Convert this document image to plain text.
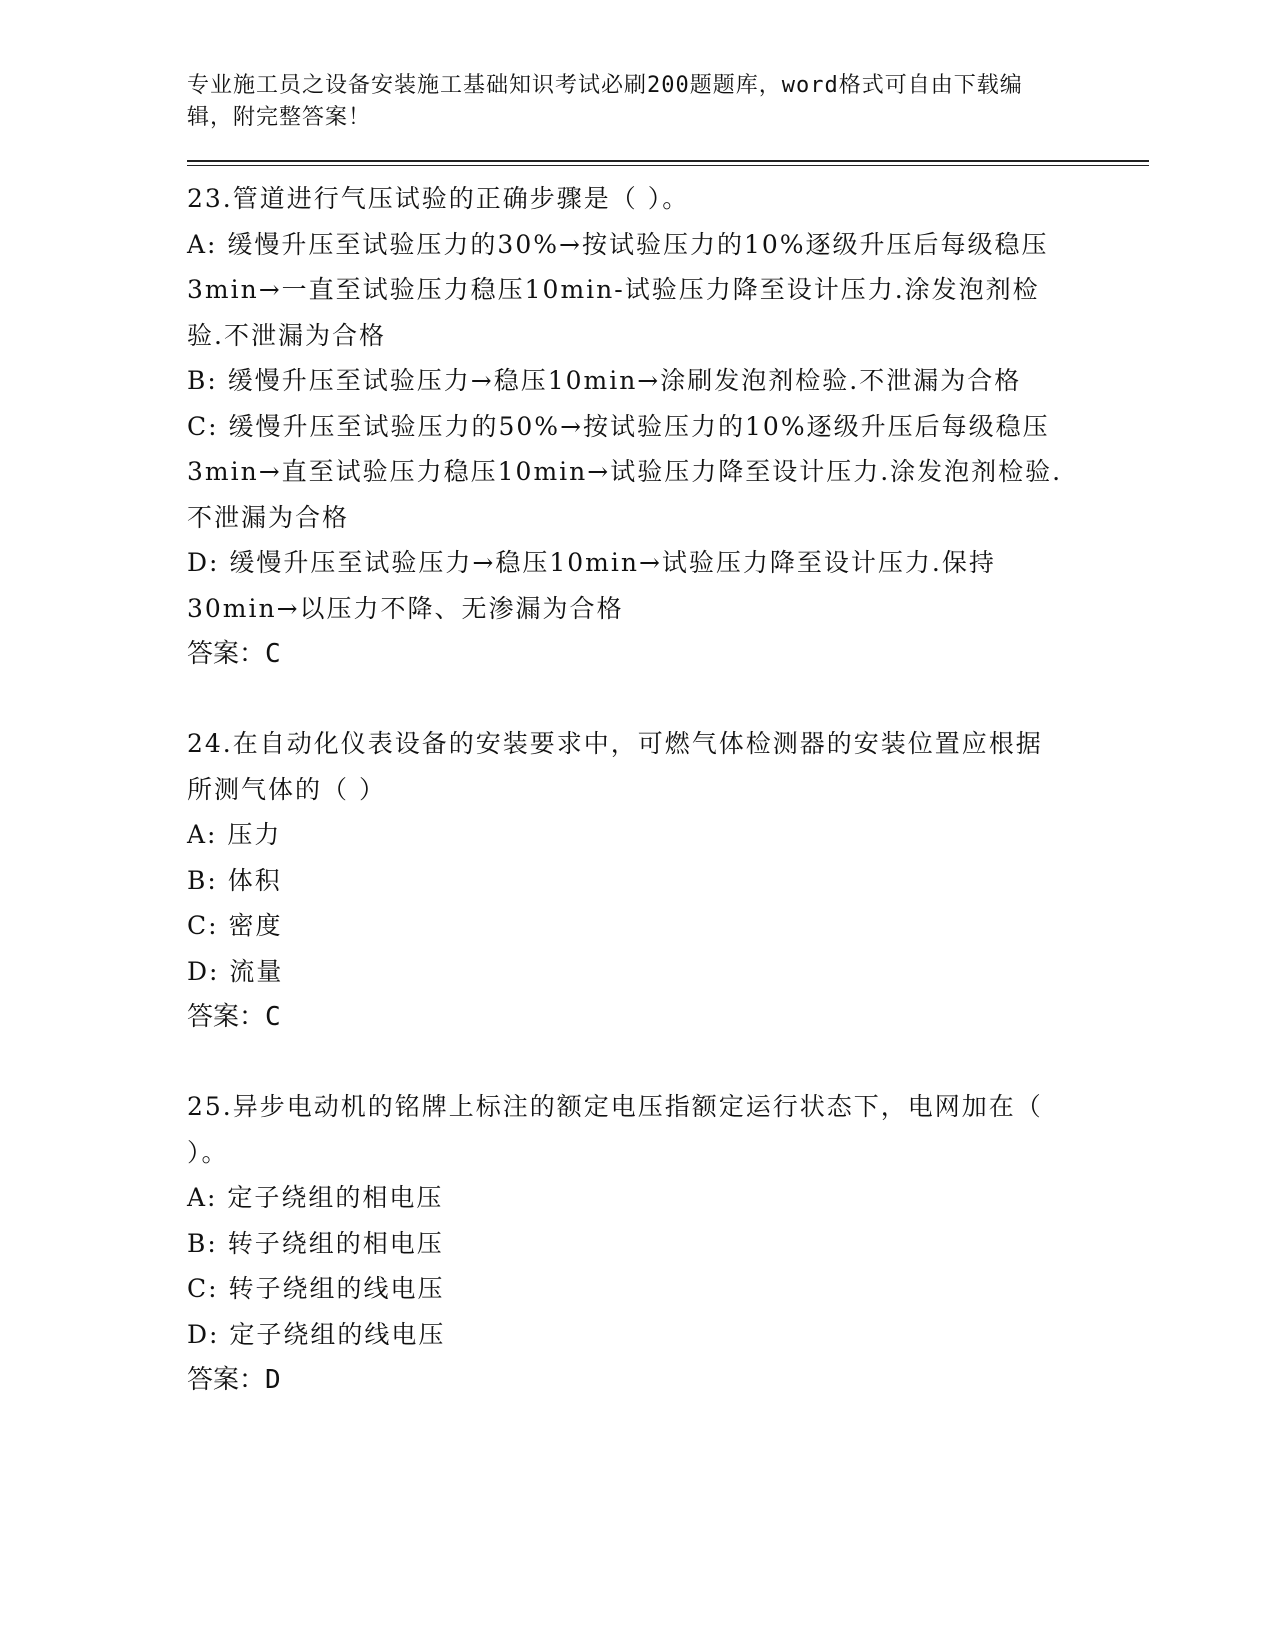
专业施工员之设备安装施工基础知识考试必刷200题题库，word格式可自由下载编辑，附完整答案！

23.管道进行气压试验的正确步骤是（ ）。

A: 缓慢升压至试验压力的30%→按试验压力的10%逐级升压后每级稳压3min→一直至试验压力稳压10min-试验压力降至设计压力.涂发泡剂检验.不泄漏为合格

B: 缓慢升压至试验压力→稳压10min→涂刷发泡剂检验.不泄漏为合格

C: 缓慢升压至试验压力的50%→按试验压力的10%逐级升压后每级稳压3min→直至试验压力稳压10min→试验压力降至设计压力.涂发泡剂检验.不泄漏为合格

D: 缓慢升压至试验压力→稳压10min→试验压力降至设计压力.保持30min→以压力不降、无渗漏为合格

答案：C

24.在自动化仪表设备的安装要求中，可燃气体检测器的安装位置应根据所测气体的（ ）

A: 压力

B: 体积

C: 密度

D: 流量

答案：C

25.异步电动机的铭牌上标注的额定电压指额定运行状态下，电网加在（ ）。

A: 定子绕组的相电压

B: 转子绕组的相电压

C: 转子绕组的线电压

D: 定子绕组的线电压

答案：D
